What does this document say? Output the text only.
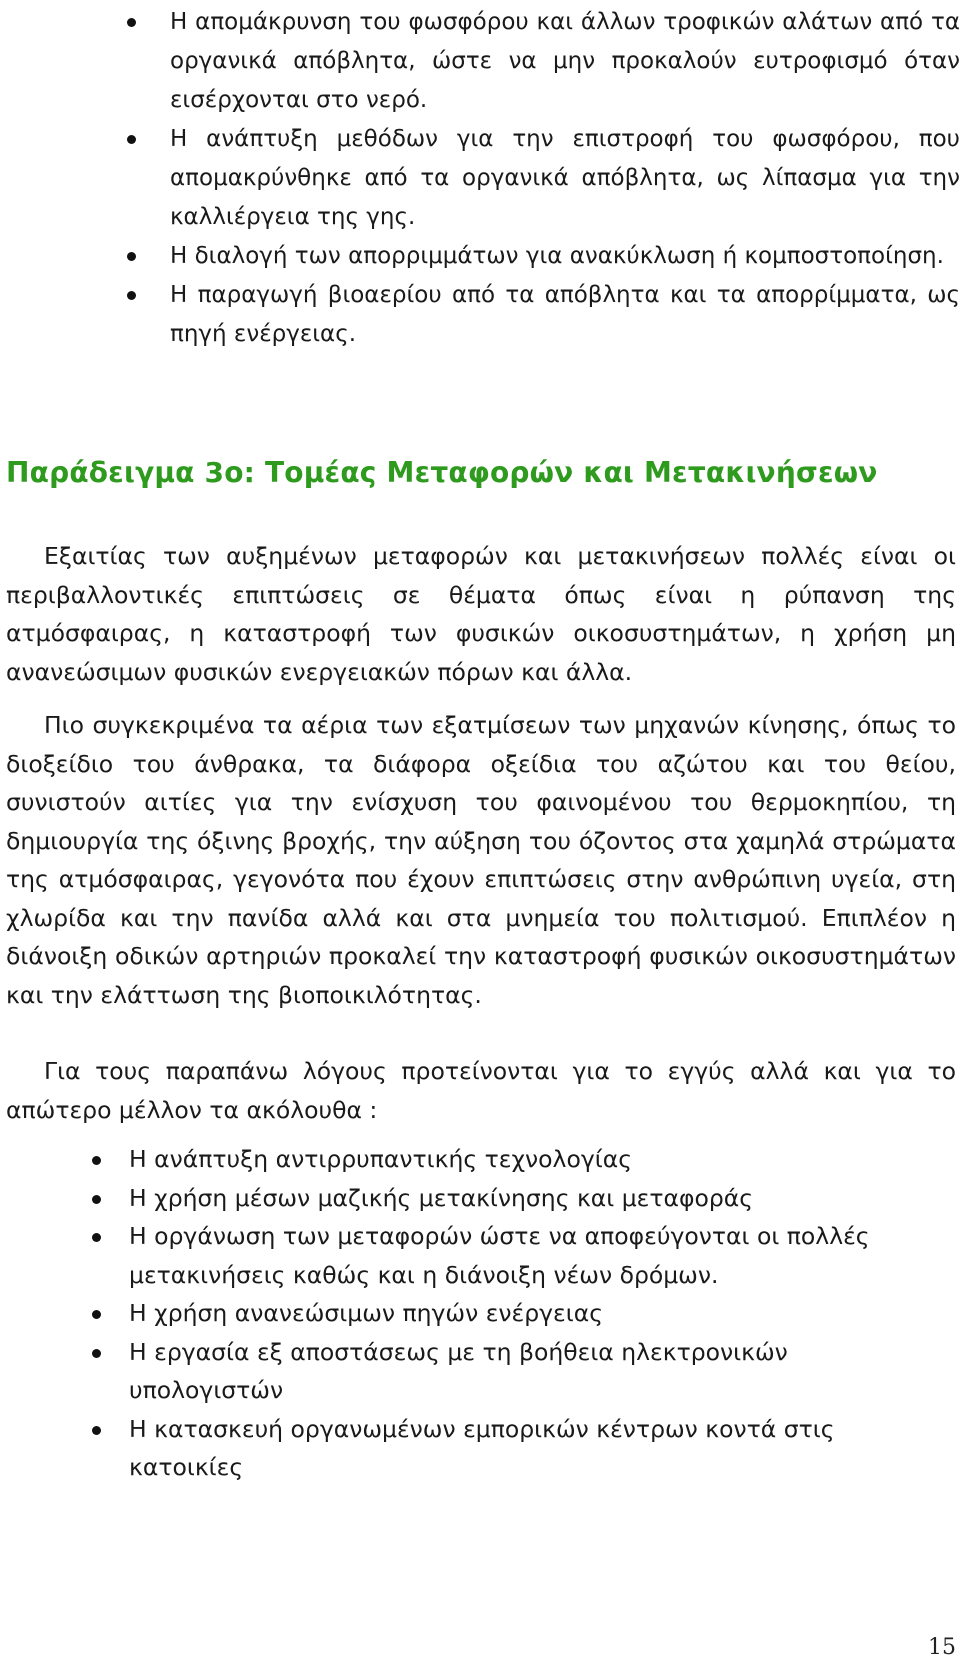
Η απομάκρυνση του φωσφόρου και άλλων τροφικών αλάτων από τα οργανικά απόβλητα, ώστε να μην προκαλούν ευτροφισμό όταν εισέρχονται στο νερό.
Η ανάπτυξη μεθόδων για την επιστροφή του φωσφόρου, που απομακρύνθηκε από τα οργανικά απόβλητα, ως λίπασμα για την καλλιέργεια της γης.
Η διαλογή των απορριμμάτων για ανακύκλωση ή κομποστοποίηση.
Η παραγωγή βιοαερίου από τα απόβλητα και τα απορρίμματα, ως πηγή ενέργειας.
Παράδειγμα 3ο: Τομέας Μεταφορών και Μετακινήσεων

Εξαιτίας των αυξημένων μεταφορών και μετακινήσεων πολλές είναι οι περιβαλλοντικές επιπτώσεις σε θέματα όπως είναι η ρύπανση της ατμόσφαιρας, η καταστροφή των φυσικών οικοσυστημάτων, η χρήση μη ανανεώσιμων φυσικών ενεργειακών πόρων και άλλα.

Πιο συγκεκριμένα τα αέρια των εξατμίσεων των μηχανών κίνησης, όπως το διοξείδιο του άνθρακα, τα διάφορα οξείδια του αζώτου και του θείου, συνιστούν αιτίες για την ενίσχυση του φαινομένου του θερμοκηπίου, τη δημιουργία της όξινης βροχής, την αύξηση του όζοντος στα χαμηλά στρώματα της ατμόσφαιρας, γεγονότα που έχουν επιπτώσεις στην ανθρώπινη υγεία, στη χλωρίδα και την πανίδα αλλά και στα μνημεία του πολιτισμού. Επιπλέον η διάνοιξη οδικών αρτηριών προκαλεί την καταστροφή φυσικών οικοσυστημάτων και την ελάττωση της βιοποικιλότητας.

Για τους παραπάνω λόγους προτείνονται για το εγγύς αλλά και για το απώτερο μέλλον τα ακόλουθα :

Η ανάπτυξη αντιρρυπαντικής τεχνολογίας
Η χρήση μέσων μαζικής μετακίνησης και μεταφοράς
Η οργάνωση των μεταφορών ώστε να αποφεύγονται οι πολλές μετακινήσεις καθώς και η διάνοιξη νέων δρόμων.
Η χρήση ανανεώσιμων πηγών ενέργειας
Η εργασία εξ αποστάσεως με τη βοήθεια ηλεκτρονικών υπολογιστών
Η κατασκευή οργανωμένων εμπορικών κέντρων κοντά στις κατοικίες
15
